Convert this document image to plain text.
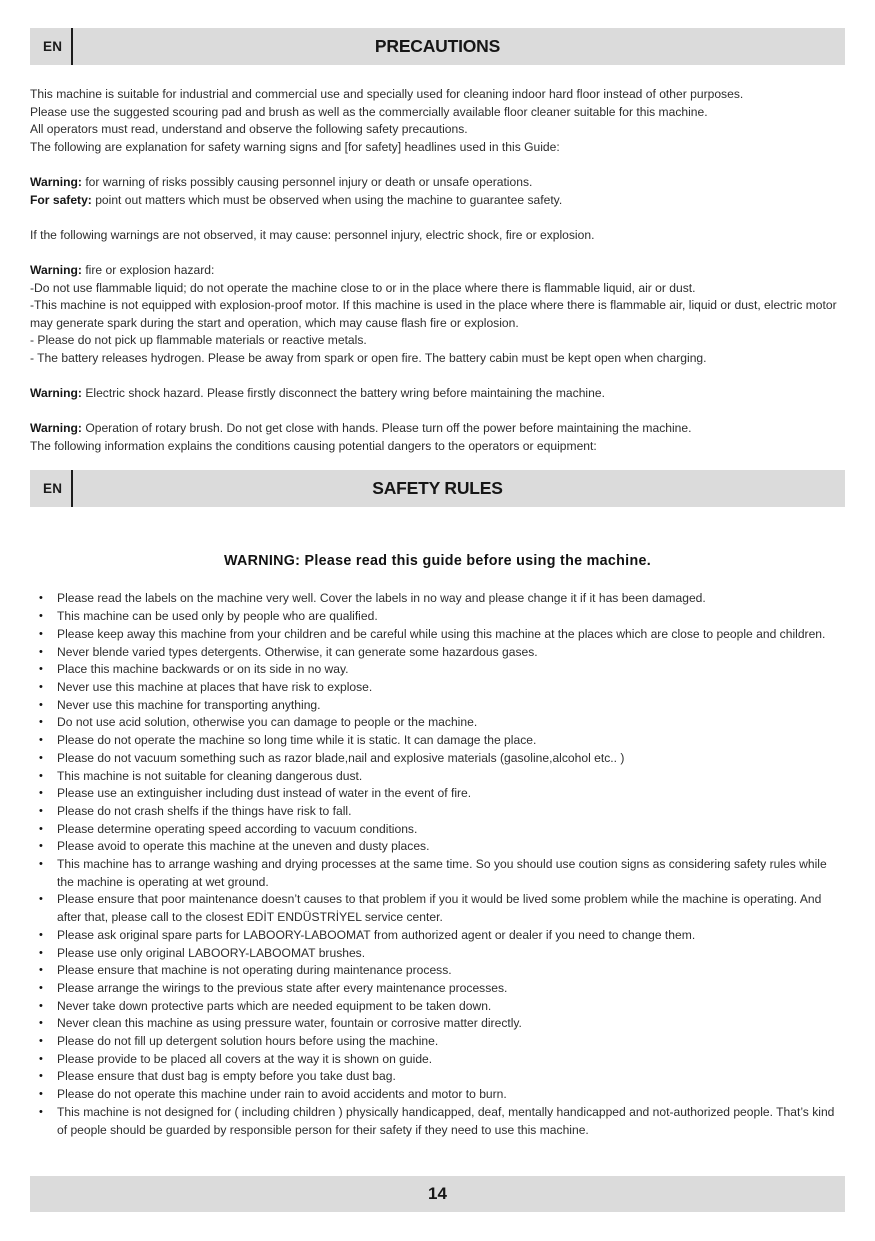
EN	PRECAUTIONS
This machine is suitable for industrial and commercial use and specially used for cleaning indoor hard floor instead of other purposes.
Please use the suggested scouring pad and brush as well as the commercially available floor cleaner suitable for this machine.
All operators must read, understand and observe the following safety precautions.
The following are explanation for safety warning signs and [for safety] headlines used in this Guide:
Warning: for warning of risks possibly causing personnel injury or death or unsafe operations.
For safety: point out matters which must be observed when using the machine to guarantee safety.
If the following warnings are not observed, it may cause: personnel injury, electric shock, fire or explosion.
Warning: fire or explosion hazard:
-Do not use flammable liquid; do not operate the machine close to or in the place where there is flammable liquid, air or dust.
-This machine is not equipped with explosion-proof motor. If this machine is used in the place where there is flammable air, liquid or dust, electric motor may generate spark during the start and operation, which may cause flash fire or explosion.
- Please do not pick up flammable materials or reactive metals.
- The battery releases hydrogen. Please be away from spark or open fire. The battery cabin must be kept open when charging.
Warning: Electric shock hazard. Please firstly disconnect the battery wring before maintaining the machine.
Warning: Operation of rotary brush. Do not get close with hands. Please turn off the power before maintaining the machine.
The following information explains the conditions causing potential dangers to the operators or equipment:
EN	SAFETY RULES
WARNING: Please read this guide before using the machine.
•	Please read the labels on the machine very well. Cover the labels in no way and please change it if it has been damaged.
•	This machine can be used only by people who are qualified.
•	Please keep away this machine from your children and be careful while using this machine at the places which are close to people and children.
•	Never blende varied types detergents. Otherwise, it can generate some hazardous gases.
•	Place this machine backwards or on its side in no way.
•	Never use this machine at places that have risk to explose.
•	Never use this machine for transporting anything.
•	Do not use acid solution, otherwise you can damage to people or the machine.
•	Please do not operate the machine so long time while it is static. It can damage the place.
•	Please do not vacuum something such as razor blade,nail and explosive materials (gasoline,alcohol etc.. )
•	This machine is not suitable for cleaning dangerous dust.
•	Please use an extinguisher including dust instead of water in the event of fire.
•	Please do not crash shelfs if the things have risk to fall.
•	Please determine operating speed according to vacuum conditions.
•	Please avoid to operate this machine at the uneven and dusty places.
•	This machine has to arrange washing and drying processes at the same time. So you should use coution signs as considering safety rules while the machine is operating at wet ground.
•	Please ensure that poor maintenance doesn’t causes to that problem if you it would be lived some problem while the machine is operating. And after that, please call to the closest EDİT ENDÜSTRİYEL service center.
•	Please ask original spare parts for LABOORY-LABOOMAT from authorized agent or dealer if you need to change them.
•	Please use only original LABOORY-LABOOMAT brushes.
•	Please ensure that machine is not operating during maintenance process.
•	Please arrange the wirings to the previous state after every maintenance processes.
•	Never take down protective parts which are needed equipment to be taken down.
•	Never clean this machine as using pressure water, fountain or corrosive matter directly.
•	Please do not fill up detergent solution hours before using the machine.
•	Please provide to be placed all covers at the way it is shown on guide.
•	Please ensure that dust bag is empty before you take dust bag.
•	Please do not operate this machine under rain to avoid accidents and motor to burn.
•	This machine is not designed for ( including children ) physically handicapped, deaf, mentally handicapped and not-authorized people. That’s kind of people should be guarded by responsible person for their safety if they need to use this machine.
14
